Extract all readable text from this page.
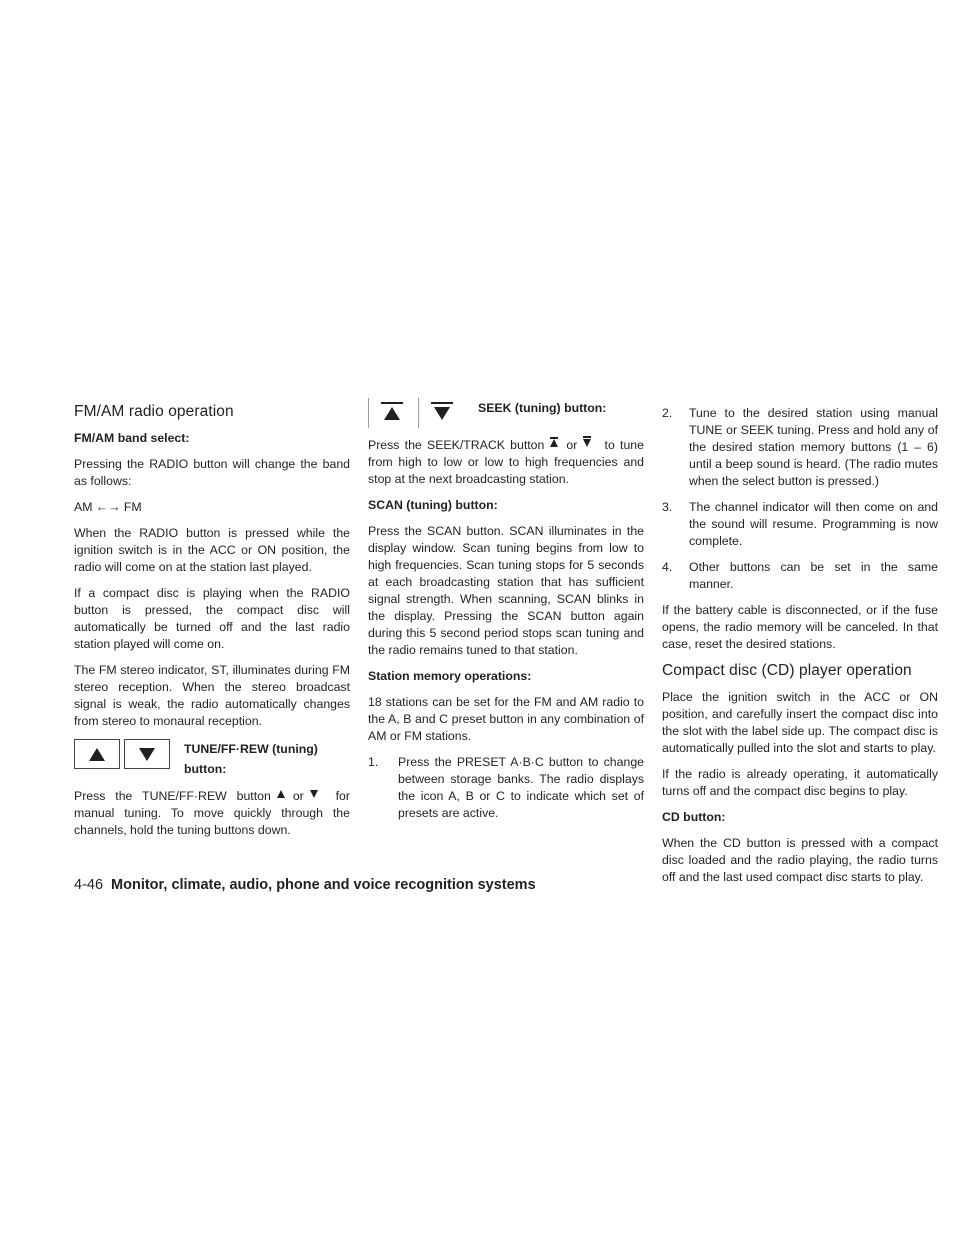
FM/AM radio operation

FM/AM band select:

Pressing the RADIO button will change the band as follows:

AM ←→ FM

When the RADIO button is pressed while the ignition switch is in the ACC or ON position, the radio will come on at the station last played.

If a compact disc is playing when the RADIO button is pressed, the compact disc will automatically be turned off and the last radio station played will come on.

The FM stereo indicator, ST, illuminates during FM stereo reception. When the stereo broadcast signal is weak, the radio automatically changes from stereo to monaural reception.

TUNE/FF·REW (tuning) button:

Press the TUNE/FF·REW button or	for manual tuning. To move quickly through the channels, hold the tuning buttons down.

SEEK (tuning) button:

Press the SEEK/TRACK button or to tune from high to low or low to high frequencies and stop at the next broadcasting station.

SCAN (tuning) button:

Press the SCAN button. SCAN illuminates in the display window. Scan tuning begins from low to high frequencies. Scan tuning stops for 5 seconds at each broadcasting station that has sufficient signal strength. When scanning, SCAN blinks in the display. Pressing the SCAN button again during this 5 second period stops scan tuning and the radio remains tuned to that station.

Station memory operations:

18 stations can be set for the FM and AM radio to the A, B and C preset button in any combination of AM or FM stations.

1. Press the PRESET A·B·C button to change between storage banks. The radio displays the icon A, B or C to indicate which set of presets are active.
2. Tune to the desired station using manual TUNE or SEEK tuning. Press and hold any of the desired station memory buttons (1 – 6) until a beep sound is heard. (The radio mutes when the select button is pressed.)
3. The channel indicator will then come on and the sound will resume. Programming is now complete.
4. Other buttons can be set in the same manner.

If the battery cable is disconnected, or if the fuse opens, the radio memory will be canceled. In that case, reset the desired stations.

Compact disc (CD) player operation

Place the ignition switch in the ACC or ON position, and carefully insert the compact disc into the slot with the label side up. The compact disc is automatically pulled into the slot and starts to play.

If the radio is already operating, it automatically turns off and the compact disc begins to play.

CD button:

When the CD button is pressed with a compact disc loaded and the radio playing, the radio turns off and the last used compact disc starts to play.

4-46 Monitor, climate, audio, phone and voice recognition systems
